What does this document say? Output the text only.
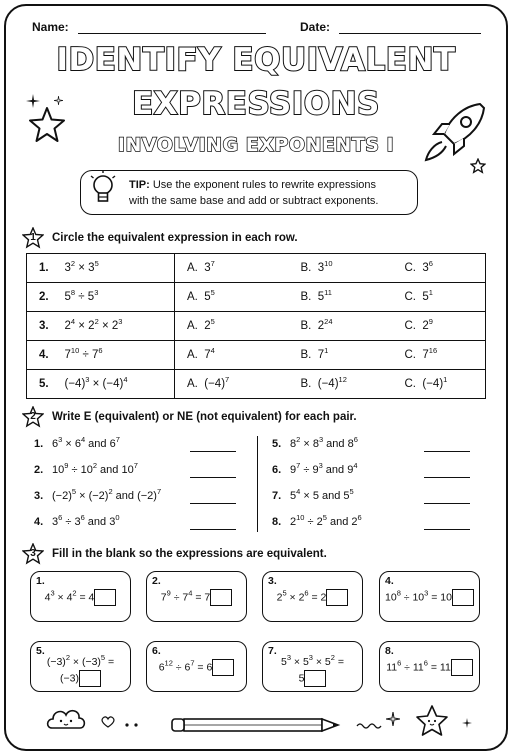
Name:	Date:
IDENTIFY EQUIVALENT
EXPRESSIONS
INVOLVING EXPONENTS I
TIP: Use the exponent rules to rewrite expressions
with the same base and add or subtract exponents.
1	Circle the equivalent expression in each row.
1.	$3^2 \times 3^5$	A.  $3^7$	B.  $3^{10}$	C.  $3^6$
2.	$5^8 \div 5^3$	A.  $5^5$	B.  $5^{11}$	C.  $5^1$
3.	$2^4 \times 2^2 \times 2^3$	A.  $2^5$	B.  $2^{24}$	C.  $2^9$
4.	$7^{10} \div 7^6$	A.  $7^4$	B.  $7^1$	C.  $7^{16}$
5.	$(-4)^3 \times (-4)^4$	A.  $(-4)^7$	B.  $(-4)^{12}$	C.  $(-4)^1$
2	Write E (equivalent) or NE (not equivalent) for each pair.
1. $6^3 \times 6^4$ and $6^7$
2. $10^9 \div 10^2$ and $10^7$
3. $(-2)^5 \times (-2)^2$ and $(-2)^7$
4. $3^6 \div 3^6$ and $3^0$
5. $8^2 \times 8^3$ and $8^6$
6. $9^7 \div 9^3$ and $9^4$
7. $5^4 \times 5$ and $5^5$
8. $2^{10} \div 2^5$ and $2^6$
3	Fill in the blank so the expressions are equivalent.
1.
$4^3 \times 4^2 = 4$
2.
$7^9 \div 7^4 = 7$
3.
$2^5 \times 2^6 = 2$
4.
$10^8 \div 10^3 = 10$
5.
$(-3)^2 \times (-3)^5$ =
(−3)
6.
$6^{12} \div 6^7 = 6$
7.
$5^3 \times 5^3 \times 5^2$ =
5
8.
$11^6 \div 11^6 = 11$
